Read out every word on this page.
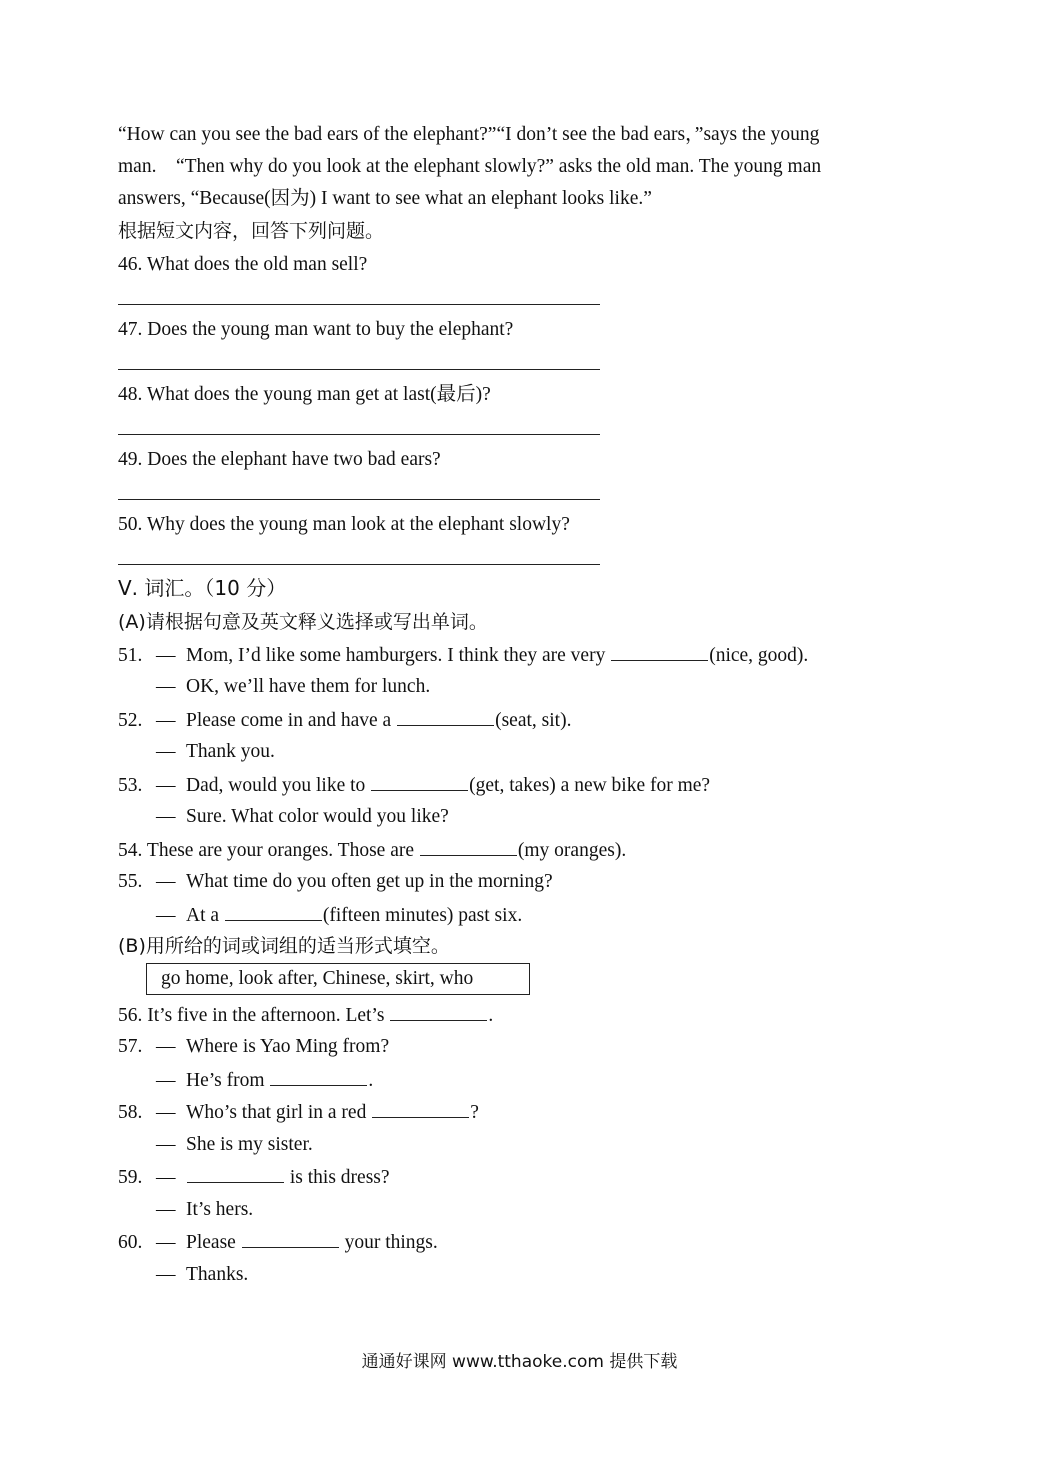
“How can you see the bad ears of the elephant?”“I don’t see the bad ears，”says the young
man.　“Then why do you look at the elephant slowly?” asks the old man. The young man
answers, “Because(因为) I want to see what an elephant looks like.”
根据短文内容，回答下列问题。
46. What does the old man sell?
47. Does the young man want to buy the elephant?
48. What does the young man get at last(最后)?
49. Does the elephant have two bad ears?
50. Why does the young man look at the elephant slowly?
Ⅴ. 词汇。（10 分）
(A)请根据句意及英文释义选择或写出单词。
51. — Mom, I’d like some hamburgers. I think they are very	(nice, good).
— OK, we’ll have them for lunch.
52. — Please come in and have a	(seat, sit).
— Thank you.
53. — Dad, would you like to	(get, takes) a new bike for me?
— Sure. What color would you like?
54. These are your oranges. Those are	(my oranges).
55. — What time do you often get up in the morning?
— At a	(fifteen minutes) past six.
(B)用所给的词或词组的适当形式填空。
go home, look after, Chinese, skirt, who
56. It’s five in the afternoon. Let’s	.
57. — Where is Yao Ming from?
— He’s from	.
58. — Who’s that girl in a red	?
— She is my sister.
59. —	is this dress?
— It’s hers.
60. — Please	your things.
— Thanks.
通通好课网 www.tthaoke.com 提供下载
